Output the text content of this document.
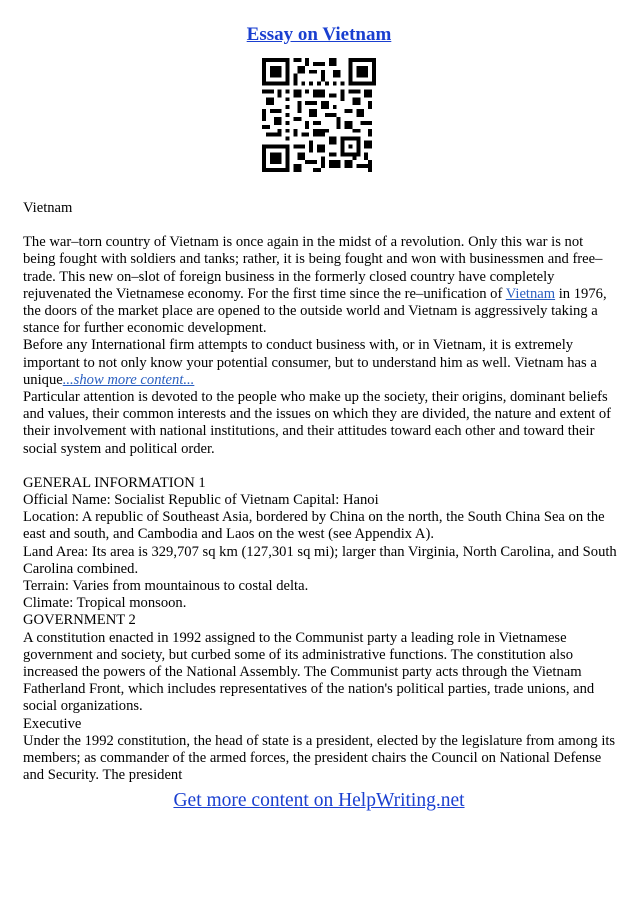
Essay on Vietnam

Vietnam

The war–torn country of Vietnam is once again in the midst of a revolution. Only this war is not being fought with soldiers and tanks; rather, it is being fought and won with businessmen and free–trade. This new on–slot of foreign business in the formerly closed country have completely rejuvenated the Vietnamese economy. For the first time since the re–unification of Vietnam in 1976, the doors of the market place are opened to the outside world and Vietnam is aggressively taking a stance for further economic development.

Before any International firm attempts to conduct business with, or in Vietnam, it is extremely important to not only know your potential consumer, but to understand him as well. Vietnam has a unique...show more content...

Particular attention is devoted to the people who make up the society, their origins, dominant beliefs and values, their common interests and the issues on which they are divided, the nature and extent of their involvement with national institutions, and their attitudes toward each other and toward their social system and political order.

GENERAL INFORMATION 1

Official Name: Socialist Republic of Vietnam Capital: Hanoi

Location: A republic of Southeast Asia, bordered by China on the north, the South China Sea on the east and south, and Cambodia and Laos on the west (see Appendix A).

Land Area: Its area is 329,707 sq km (127,301 sq mi); larger than Virginia, North Carolina, and South Carolina combined.

Terrain: Varies from mountainous to costal delta.

Climate: Tropical monsoon.

GOVERNMENT 2

A constitution enacted in 1992 assigned to the Communist party a leading role in Vietnamese government and society, but curbed some of its administrative functions. The constitution also increased the powers of the National Assembly. The Communist party acts through the Vietnam Fatherland Front, which includes representatives of the nation's political parties, trade unions, and social organizations.

Executive

Under the 1992 constitution, the head of state is a president, elected by the legislature from among its members; as commander of the armed forces, the president chairs the Council on National Defense and Security. The president

Get more content on HelpWriting.net
